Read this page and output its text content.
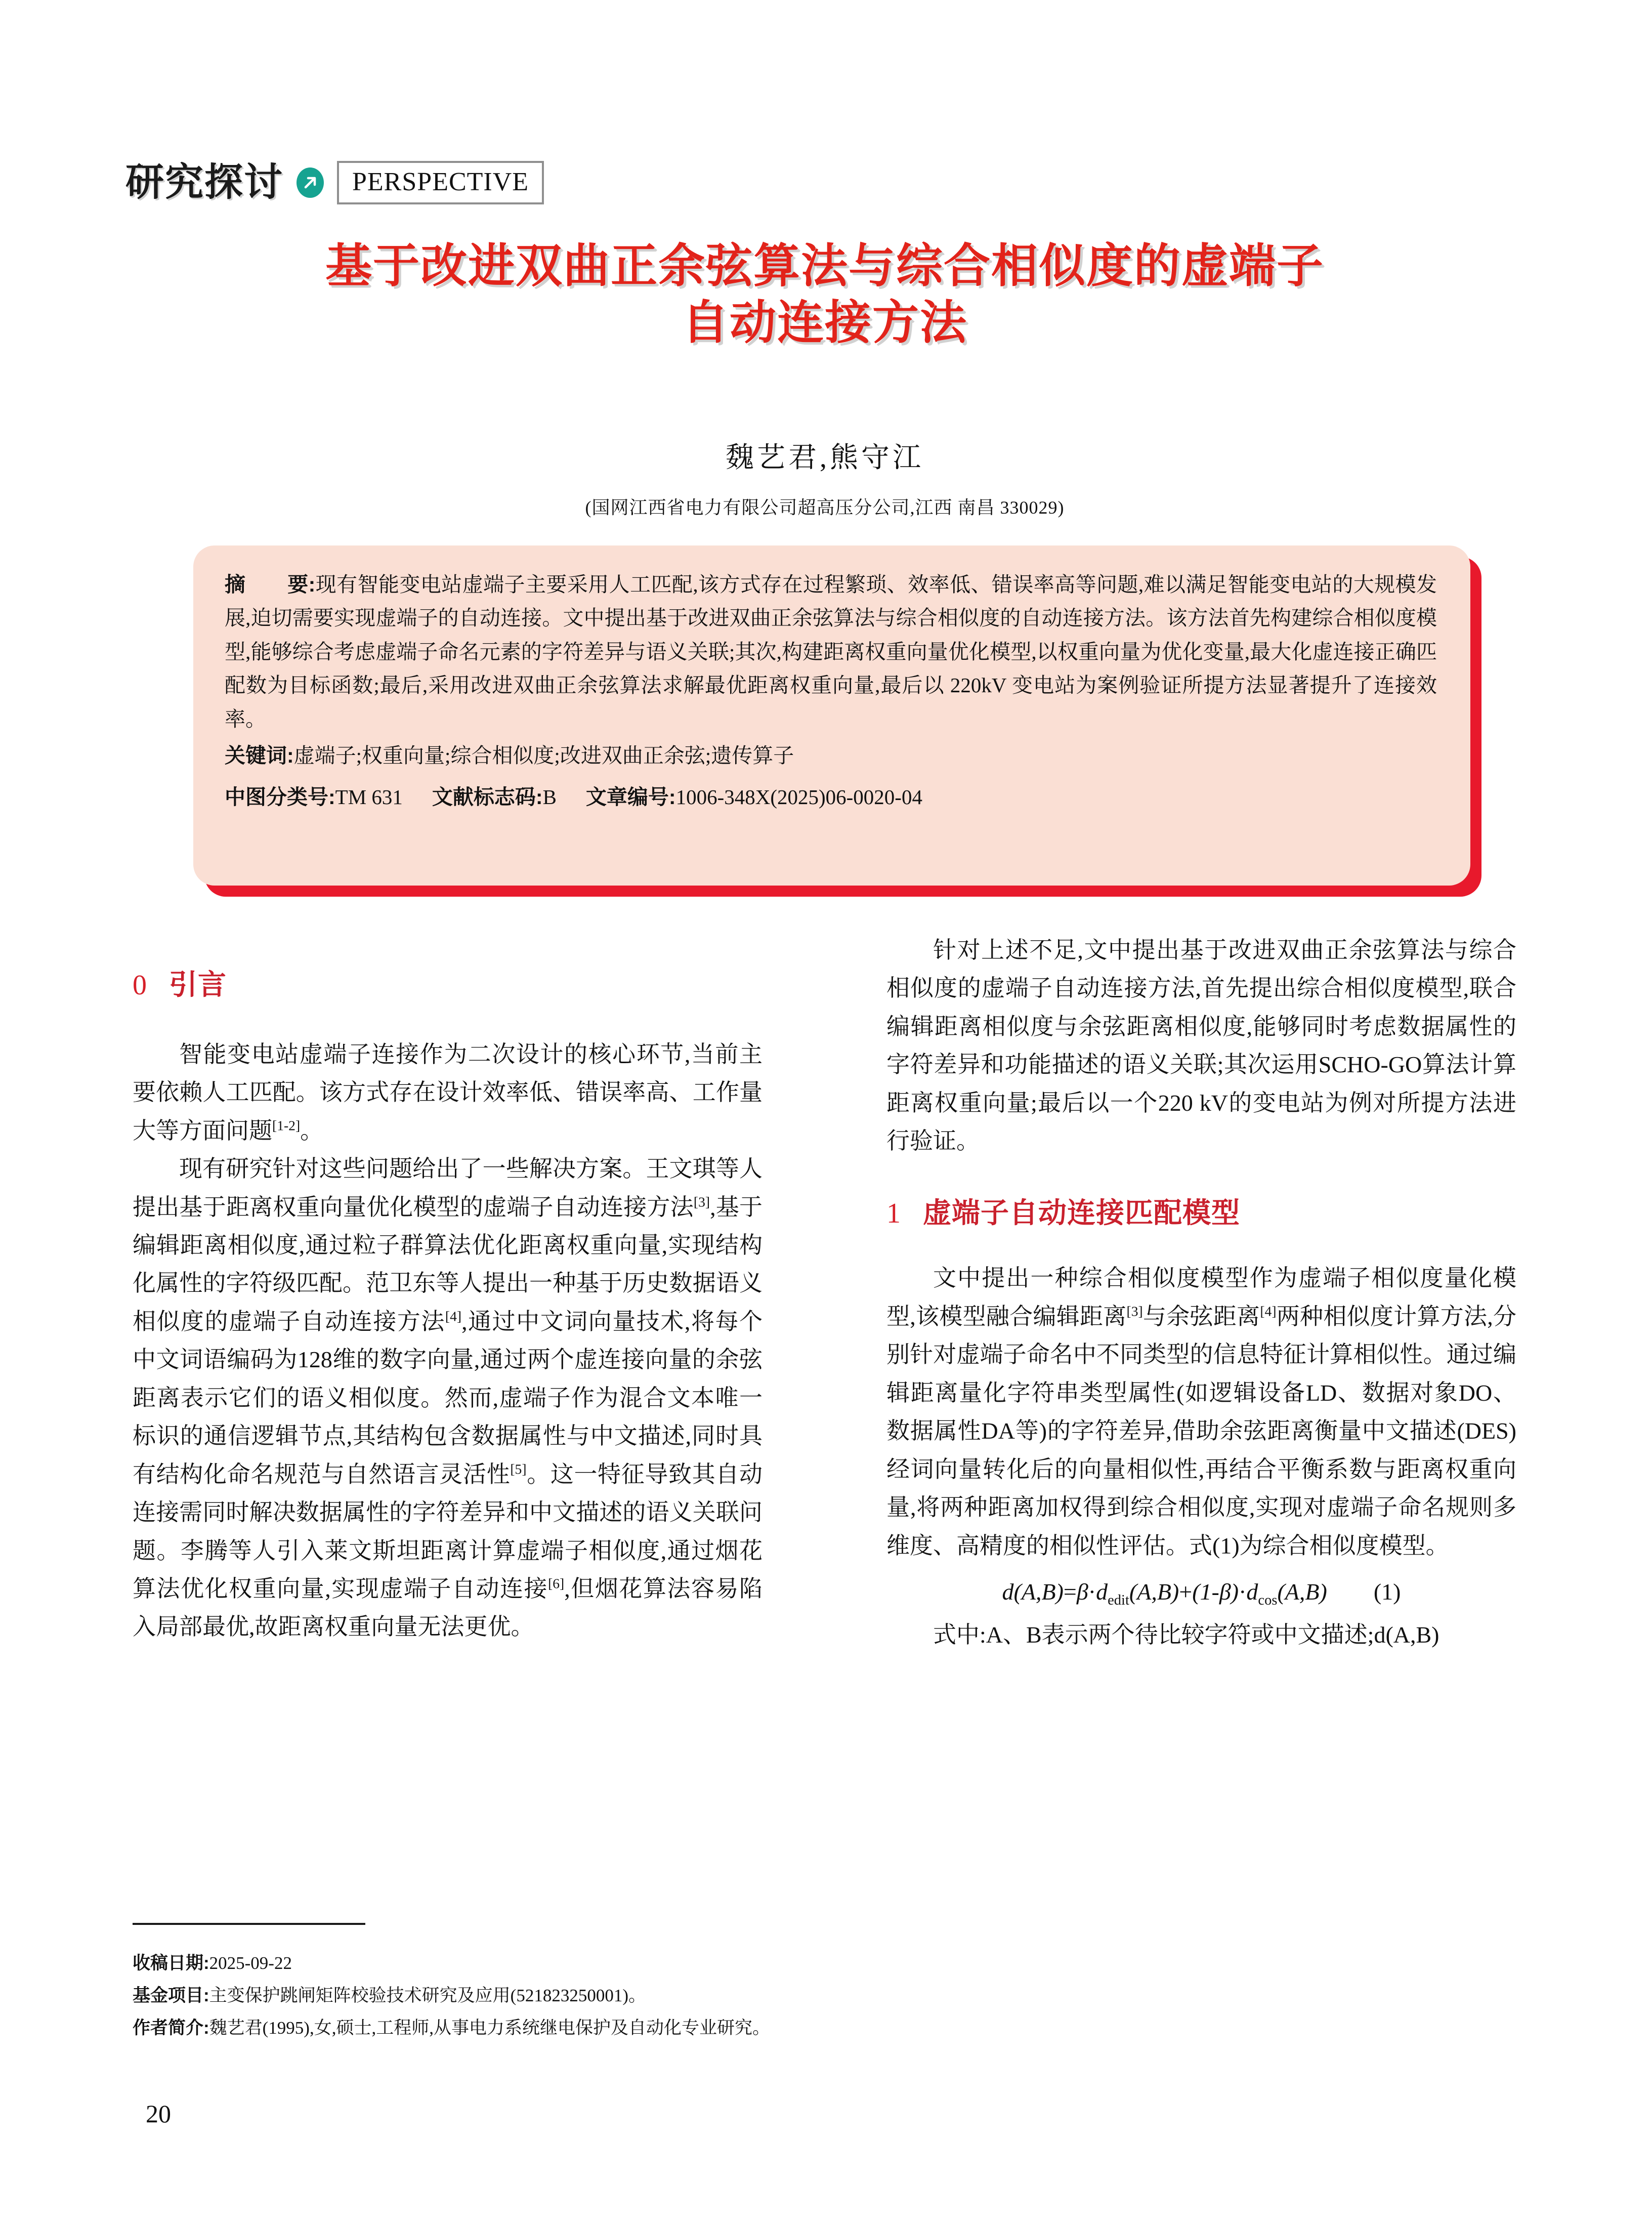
研究探讨	PERSPECTIVE
基于改进双曲正余弦算法与综合相似度的虚端子
自动连接方法
魏艺君,熊守江
(国网江西省电力有限公司超高压分公司,江西 南昌 330029)
摘　　要:现有智能变电站虚端子主要采用人工匹配,该方式存在过程繁琐、效率低、错误率高等问题,难以满足智能变电站的大规模发展,迫切需要实现虚端子的自动连接。文中提出基于改进双曲正余弦算法与综合相似度的自动连接方法。该方法首先构建综合相似度模型,能够综合考虑虚端子命名元素的字符差异与语义关联;其次,构建距离权重向量优化模型,以权重向量为优化变量,最大化虚连接正确匹配数为目标函数;最后,采用改进双曲正余弦算法求解最优距离权重向量,最后以 220kV 变电站为案例验证所提方法显著提升了连接效率。
关键词:虚端子;权重向量;综合相似度;改进双曲正余弦;遗传算子
中图分类号:TM 631 文献标志码:B 文章编号:1006-348X(2025)06-0020-04
0 引言

智能变电站虚端子连接作为二次设计的核心环节,当前主要依赖人工匹配。该方式存在设计效率低、错误率高、工作量大等方面问题[1-2]。

现有研究针对这些问题给出了一些解决方案。王文琪等人提出基于距离权重向量优化模型的虚端子自动连接方法[3],基于编辑距离相似度,通过粒子群算法优化距离权重向量,实现结构化属性的字符级匹配。范卫东等人提出一种基于历史数据语义相似度的虚端子自动连接方法[4],通过中文词向量技术,将每个中文词语编码为128维的数字向量,通过两个虚连接向量的余弦距离表示它们的语义相似度。然而,虚端子作为混合文本唯一标识的通信逻辑节点,其结构包含数据属性与中文描述,同时具有结构化命名规范与自然语言灵活性[5]。这一特征导致其自动连接需同时解决数据属性的字符差异和中文描述的语义关联问题。李腾等人引入莱文斯坦距离计算虚端子相似度,通过烟花算法优化权重向量,实现虚端子自动连接[6],但烟花算法容易陷入局部最优,故距离权重向量无法更优。

针对上述不足,文中提出基于改进双曲正余弦算法与综合相似度的虚端子自动连接方法,首先提出综合相似度模型,联合编辑距离相似度与余弦距离相似度,能够同时考虑数据属性的字符差异和功能描述的语义关联;其次运用SCHO-GO算法计算距离权重向量;最后以一个220 kV的变电站为例对所提方法进行验证。

1 虚端子自动连接匹配模型

文中提出一种综合相似度模型作为虚端子相似度量化模型,该模型融合编辑距离[3]与余弦距离[4]两种相似度计算方法,分别针对虚端子命名中不同类型的信息特征计算相似性。通过编辑距离量化字符串类型属性(如逻辑设备LD、数据对象DO、数据属性DA等)的字符差异,借助余弦距离衡量中文描述(DES)经词向量转化后的向量相似性,再结合平衡系数与距离权重向量,将两种距离加权得到综合相似度,实现对虚端子命名规则多维度、高精度的相似性评估。式(1)为综合相似度模型。

$d(A,B)=\beta\cdot d_{edit}(A,B)+(1-\beta)\cdot d_{cos}(A,B)$ (1)

式中:A、B表示两个待比较字符或中文描述;d(A,B)

收稿日期:2025-09-22
基金项目:主变保护跳闸矩阵校验技术研究及应用(521823250001)。
作者简介:魏艺君(1995),女,硕士,工程师,从事电力系统继电保护及自动化专业研究。
20
